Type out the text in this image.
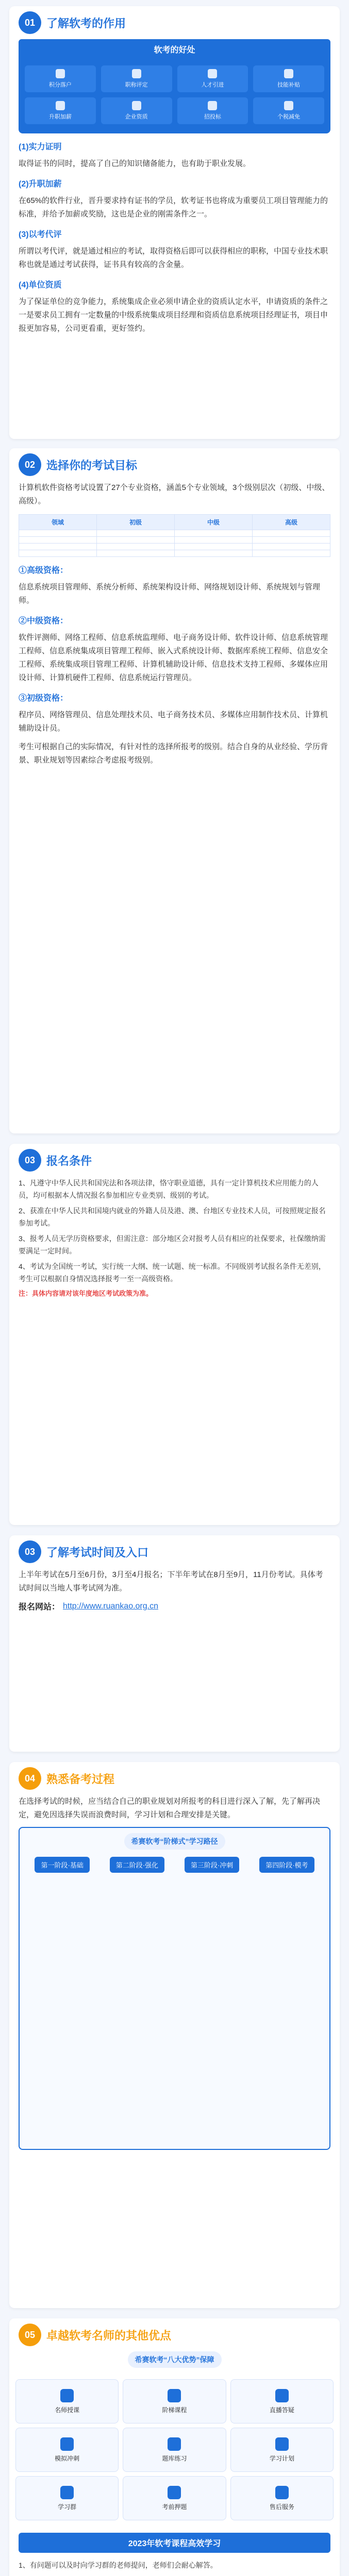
01 了解软考的作用
软考的好处
积分落户	职称评定	人才引进	技能补贴
升职加薪	企业资质	招投标	个税减免
(1)实力证明

取得证书的同时，提高了自己的知识储备能力，也有助于职业发展。

(2)升职加薪

在65%的软件行业，晋升要求持有证书的学员，软考证书也将成为重要员工项目管理能力的标准，并给予加薪或奖励，这也是企业的刚需条件之一。

(3)以考代评

所谓以考代评，就是通过相应的考试，取得资格后即可以获得相应的职称，中国专业技术职称也就是通过考试获得，证书具有较高的含金量。

(4)单位资质

为了保证单位的竞争能力，系统集成企业必须申请企业的资质认定水平，申请资质的条件之一是要求员工拥有一定数量的中级系统集成项目经理和资质信息系统项目经理证书，项目申报更加容易，公司更看重，更好签约。

02 选择你的考试目标

计算机软件资格考试设置了27个专业资格，涵盖5个专业领域，3个级别层次（初级、中级、高级）。

领域	初级	中级	高级

①高级资格：

信息系统项目管理师、系统分析师、系统架构设计师、网络规划设计师、系统规划与管理师。

②中级资格：

软件评测师、网络工程师、信息系统监理师、电子商务设计师、软件设计师、信息系统管理工程师、信息系统集成项目管理工程师、嵌入式系统设计师、数据库系统工程师、信息安全工程师、系统集成项目管理工程师、计算机辅助设计师、信息技术支持工程师、多媒体应用设计师、计算机硬件工程师、信息系统运行管理员。

③初级资格：

程序员、网络管理员、信息处理技术员、电子商务技术员、多媒体应用制作技术员、计算机辅助设计员。

考生可根据自己的实际情况，有针对性的选择所报考的级别。结合自身的从业经验、学历背景、职业规划等因素综合考虑报考级别。

03 报名条件
1、凡遵守中华人民共和国宪法和各项法律，恪守职业道德，具有一定计算机技术应用能力的人员，均可根据本人情况报名参加相应专业类别、级别的考试。
2、获准在中华人民共和国境内就业的外籍人员及港、澳、台地区专业技术人员，可按照规定报名参加考试。
3、报考人员无学历资格要求，但需注意：部分地区会对报考人员有相应的社保要求，社保缴纳需要满足一定时间。
4、考试为全国统一考试，实行统一大纲、统一试题、统一标准。不同级别考试报名条件无差别，考生可以根据自身情况选择报考一至一高级资格。

注：具体内容请对该年度地区考试政策为准。

03 了解考试时间及入口

上半年考试在5月至6月份，3月至4月报名；下半年考试在8月至9月，11月份考试。具体考试时间以当地人事考试网为准。

报名网站： http://www.ruankao.org.cn
04 熟悉备考过程

在选择考试的时候，应当结合自己的职业规划对所报考的科目进行深入了解，先了解再决定，避免因选择失误而浪费时间，学习计划和合理安排是关键。

希赛软考“阶梯式”学习路径
第一阶段·基础	第二阶段·强化	第三阶段·冲刺	第四阶段·模考
05 卓越软考名师的其他优点
希赛软考“八大优势”保障
名师授课	阶梯课程	直播答疑
模拟冲刺	题库练习	学习计划
学习群	考前押题	售后服务
2023年软考课程高效学习
1、有问题可以及时向学习群的老师提问，老师们会耐心解答。
